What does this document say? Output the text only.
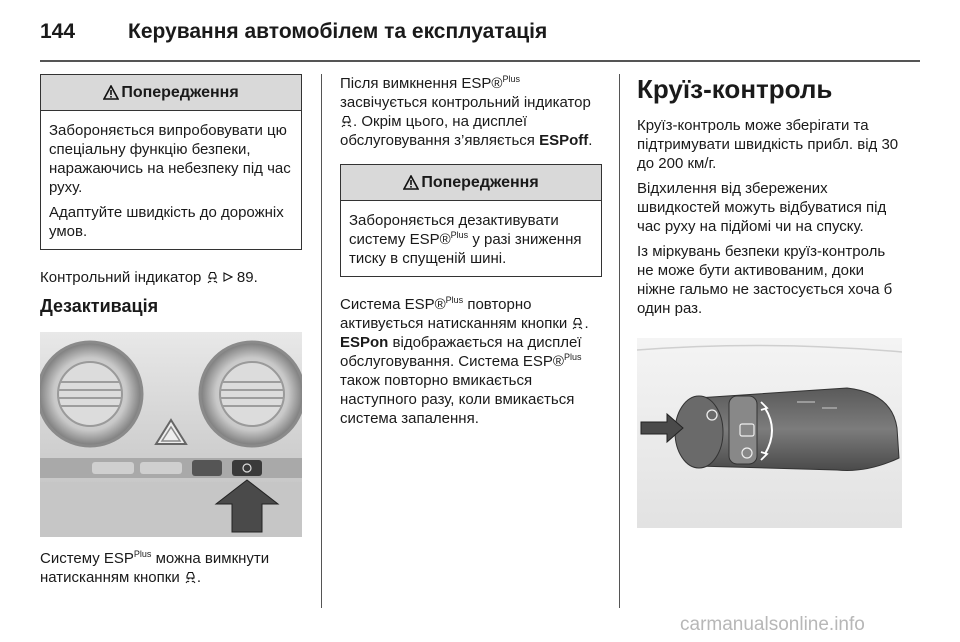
144	Керування автомобілем та експлуатація
Попередження

Забороняється випробовувати цю спеціальну функцію безпеки, наражаючись на небезпеку під час руху.

Адаптуйте швидкість до дорожніх умов.

Контрольний індикатор 89.

Дезактивація

Систему $ESP^{Plus}$ можна вимкнути натисканням кнопки .

Після вимкнення ESP®$^{Plus}$ засвічується контрольний індикатор . Окрім цього, на дисплеї обслуговування з’являється ESPoff.

Попередження

Забороняється дезактивувати систему ESP®$^{Plus}$ у разі зниження тиску в спущеній шині.

Система ESP®$^{Plus}$ повторно активується натисканням кнопки .

ESPon відображається на дисплеї обслуговування. Система ESP®$^{Plus}$ також повторно вмикається наступного разу, коли вмикається система запалення.

Круїз-контроль

Круїз-контроль може зберігати та підтримувати швидкість прибл. від 30 до 200 км/г.

Відхилення від збережених швидкостей можуть відбуватися під час руху на підйомі чи на спуску.

Із міркувань безпеки круїз-контроль не може бути активованим, доки ніжне гальмо не застосується хоча б один раз.

carmanualsonline.info
